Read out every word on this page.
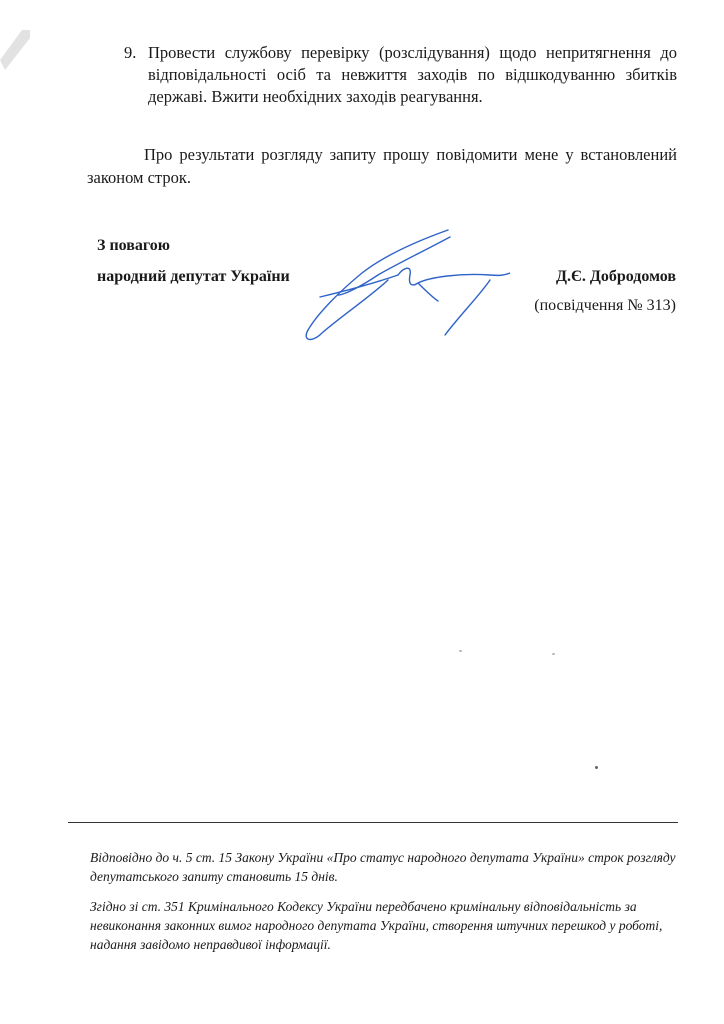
9. Провести службову перевірку (розслідування) щодо непритягнення до відповідальності осіб та невжиття заходів по відшкодуванню збитків державі. Вжити необхідних заходів реагування.
Про результати розгляду запиту прошу повідомити мене у встановлений законом строк.
З повагою
народний депутат України	Д.Є. Добродомов
(посвідчення № 313)
Відповідно до ч. 5 ст. 15 Закону України «Про статус народного депутата України» строк розгляду депутатського запиту становить 15 днів.
Згідно зі ст. 351 Кримінального Кодексу України передбачено кримінальну відповідальність за невиконання законних вимог народного депутата України, створення штучних перешкод у роботі, надання завідомо неправдивої інформації.
